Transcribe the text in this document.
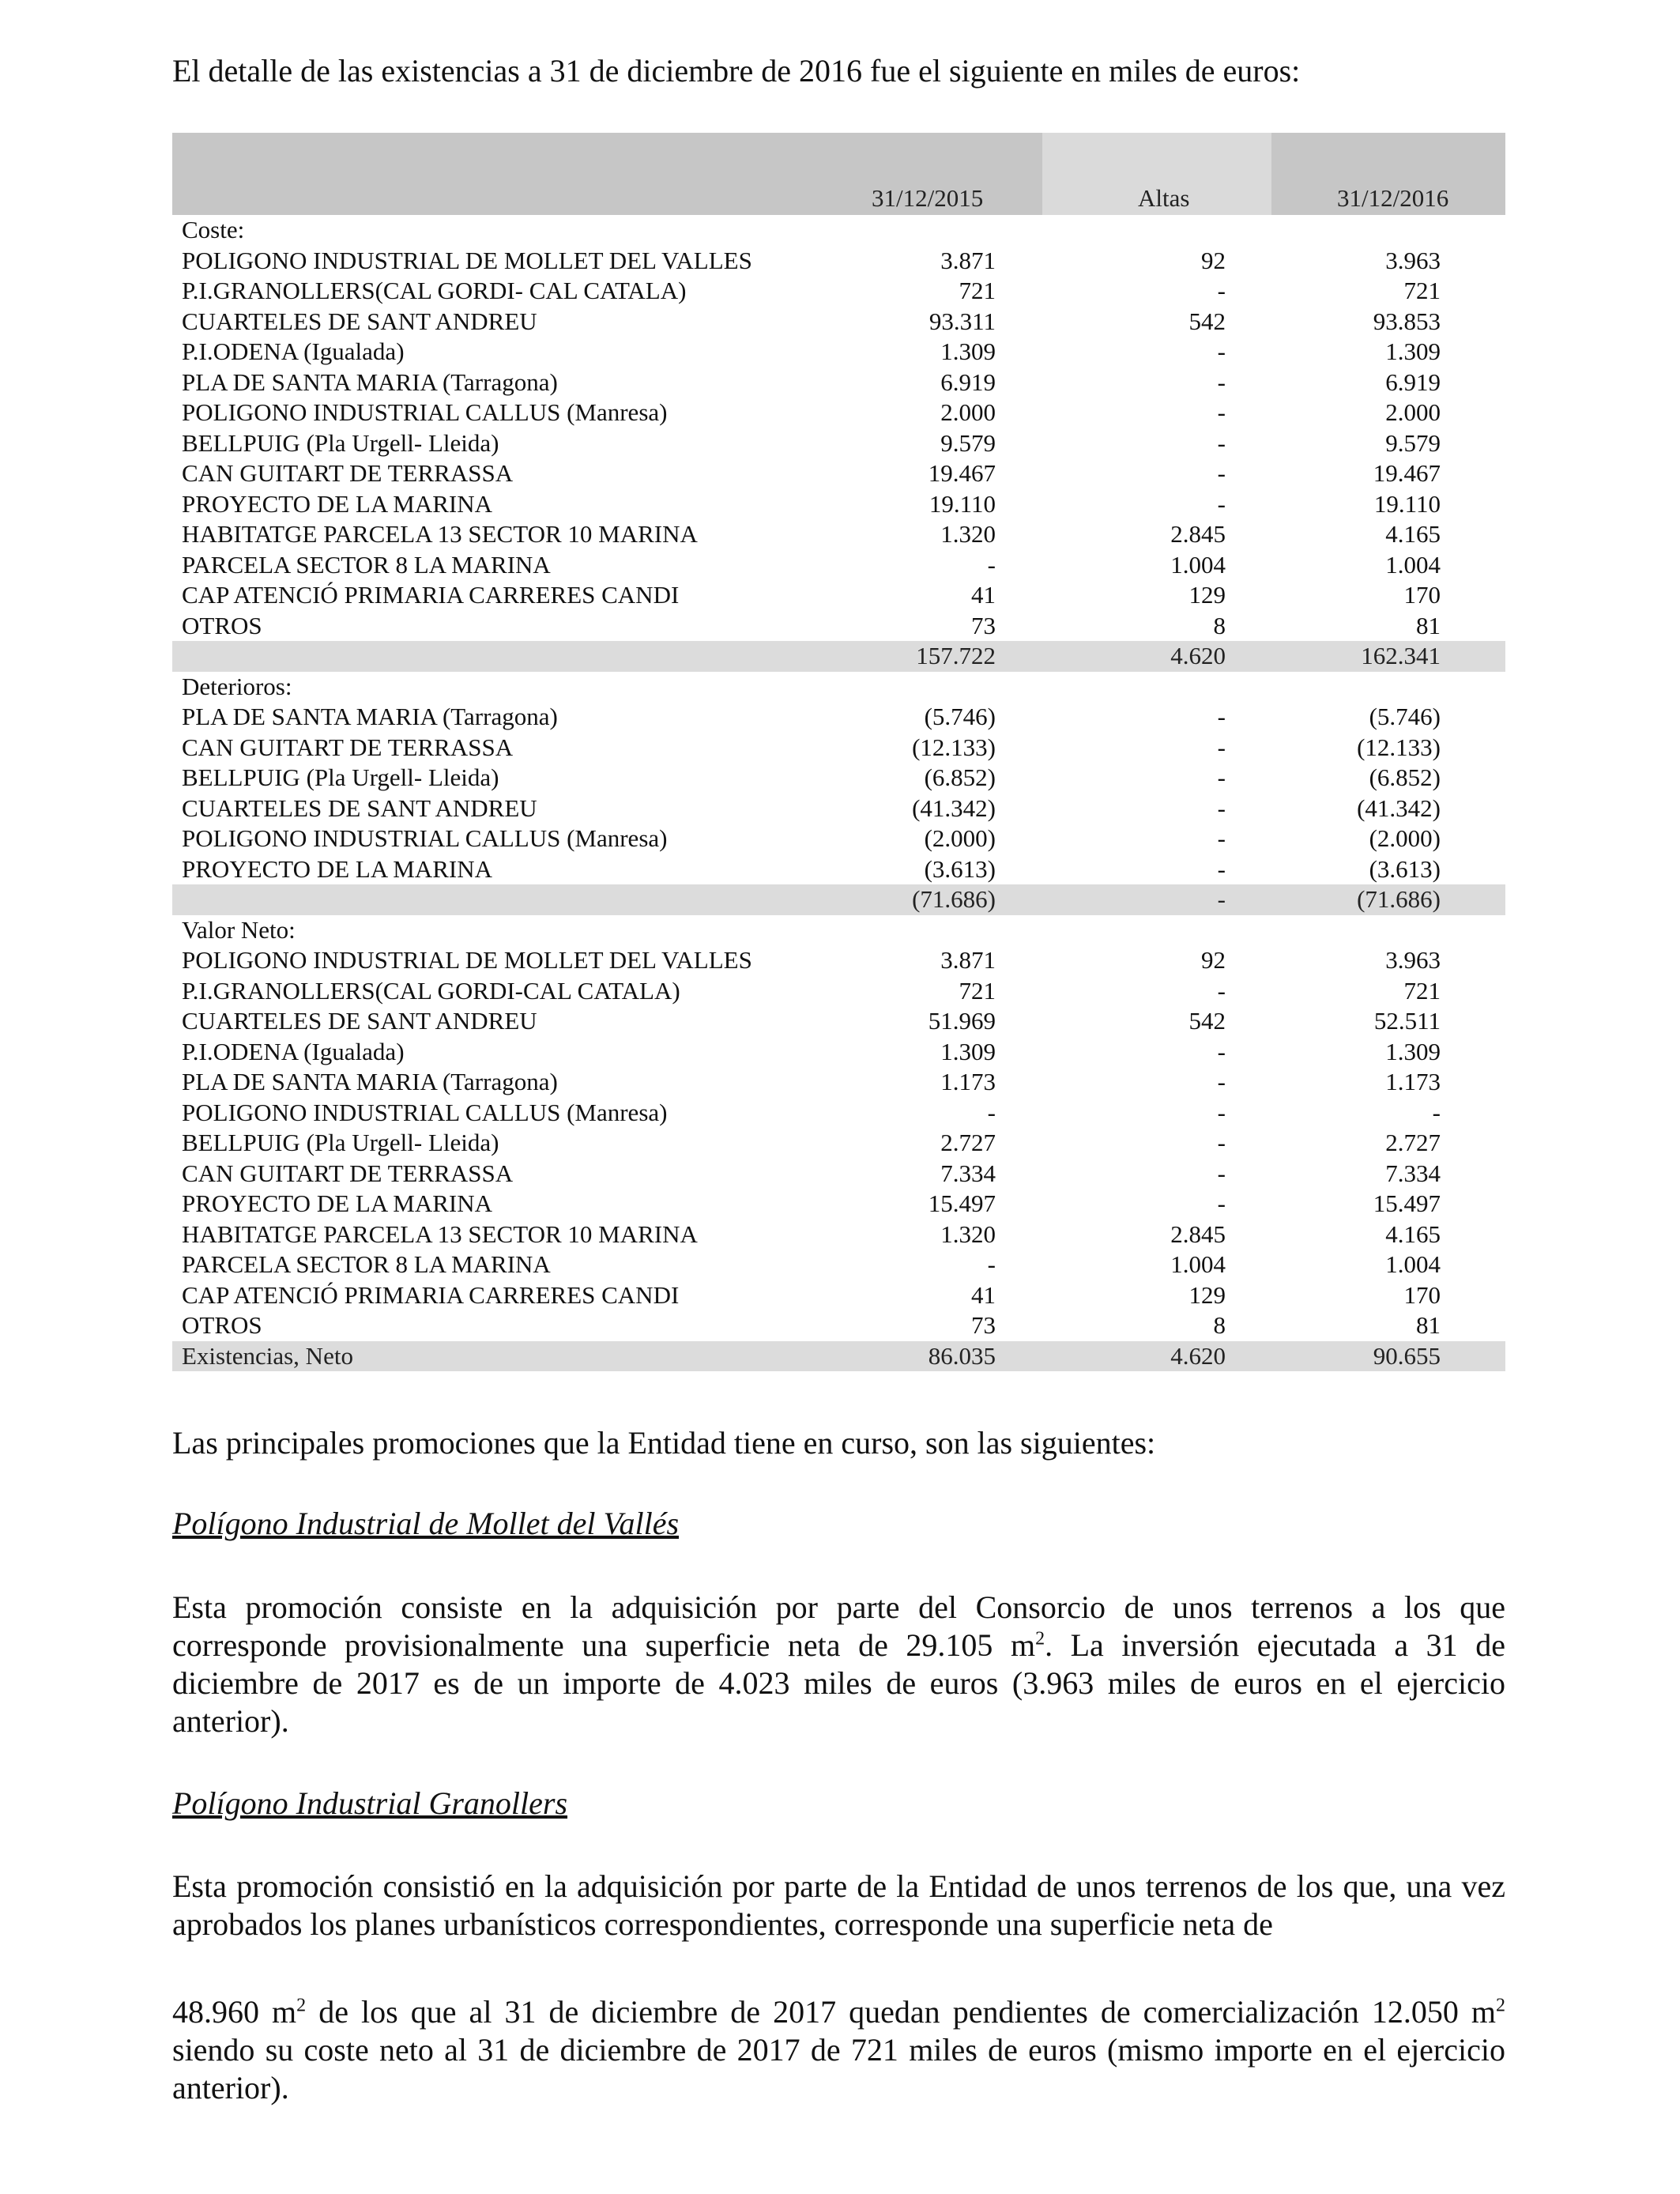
El detalle de las existencias a 31 de diciembre de 2016 fue el siguiente en miles de euros:

31/12/2015	Altas	31/12/2016
Coste:
POLIGONO INDUSTRIAL DE MOLLET DEL VALLES	3.871	92	3.963
P.I.GRANOLLERS(CAL GORDI- CAL CATALA)	721	-	721
CUARTELES DE SANT ANDREU	93.311	542	93.853
P.I.ODENA (Igualada)	1.309	-	1.309
PLA DE SANTA MARIA (Tarragona)	6.919	-	6.919
POLIGONO INDUSTRIAL CALLUS (Manresa)	2.000	-	2.000
BELLPUIG (Pla Urgell- Lleida)	9.579	-	9.579
CAN GUITART DE TERRASSA	19.467	-	19.467
PROYECTO DE LA MARINA	19.110	-	19.110
HABITATGE PARCELA 13 SECTOR 10 MARINA	1.320	2.845	4.165
PARCELA SECTOR 8 LA MARINA	-	1.004	1.004
CAP ATENCIÓ PRIMARIA CARRERES CANDI	41	129	170
OTROS	73	8	81
157.722	4.620	162.341
Deterioros:
PLA DE SANTA MARIA (Tarragona)	(5.746)	-	(5.746)
CAN GUITART DE TERRASSA	(12.133)	-	(12.133)
BELLPUIG (Pla Urgell- Lleida)	(6.852)	-	(6.852)
CUARTELES DE SANT ANDREU	(41.342)	-	(41.342)
POLIGONO INDUSTRIAL CALLUS (Manresa)	(2.000)	-	(2.000)
PROYECTO DE LA MARINA	(3.613)	-	(3.613)
(71.686)	-	(71.686)
Valor Neto:
POLIGONO INDUSTRIAL DE MOLLET DEL VALLES	3.871	92	3.963
P.I.GRANOLLERS(CAL GORDI-CAL CATALA)	721	-	721
CUARTELES DE SANT ANDREU	51.969	542	52.511
P.I.ODENA (Igualada)	1.309	-	1.309
PLA DE SANTA MARIA (Tarragona)	1.173	-	1.173
POLIGONO INDUSTRIAL CALLUS (Manresa)	-	-	-
BELLPUIG (Pla Urgell- Lleida)	2.727	-	2.727
CAN GUITART DE TERRASSA	7.334	-	7.334
PROYECTO DE LA MARINA	15.497	-	15.497
HABITATGE PARCELA 13 SECTOR 10 MARINA	1.320	2.845	4.165
PARCELA SECTOR 8 LA MARINA	-	1.004	1.004
CAP ATENCIÓ PRIMARIA CARRERES CANDI	41	129	170
OTROS	73	8	81
Existencias, Neto	86.035	4.620	90.655

Las principales promociones que la Entidad tiene en curso, son las siguientes:

Polígono Industrial de Mollet del Vallés

Esta promoción consiste en la adquisición por parte del Consorcio de unos terrenos a los que corresponde provisionalmente una superficie neta de 29.105 $m^2$. La inversión ejecutada a 31 de diciembre de 2017 es de un importe de 4.023 miles de euros (3.963 miles de euros en el ejercicio anterior).

Polígono Industrial Granollers

Esta promoción consistió en la adquisición por parte de la Entidad de unos terrenos de los que, una vez aprobados los planes urbanísticos correspondientes, corresponde una superficie neta de

48.960 $m^2$ de los que al 31 de diciembre de 2017 quedan pendientes de comercialización 12.050 $m^2$ siendo su coste neto al 31 de diciembre de 2017 de 721 miles de euros (mismo importe en el ejercicio anterior).
